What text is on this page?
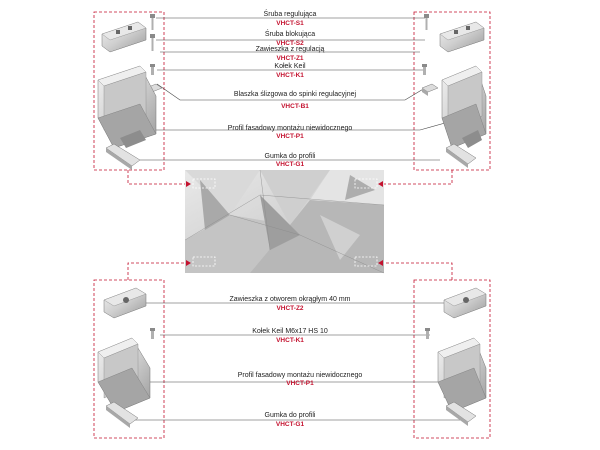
Śruba regulująca
VHCT-S1
Śruba blokująca
VHCT-S2
Zawieszka z regulacją
VHCT-Z1
Kołek Keil
VHCT-K1
Blaszka ślizgowa do spinki regulacyjnej
VHCT-B1
Profil fasadowy montażu niewidocznego
VHCT-P1
Gumka do profili
VHCT-G1
Zawieszka z otworem okrągłym 40 mm
VHCT-Z2
Kołek Keil M6x17 HS 10
VHCT-K1
Profil fasadowy montażu niewidocznego
VHCT-P1
Gumka do profili
VHCT-G1
